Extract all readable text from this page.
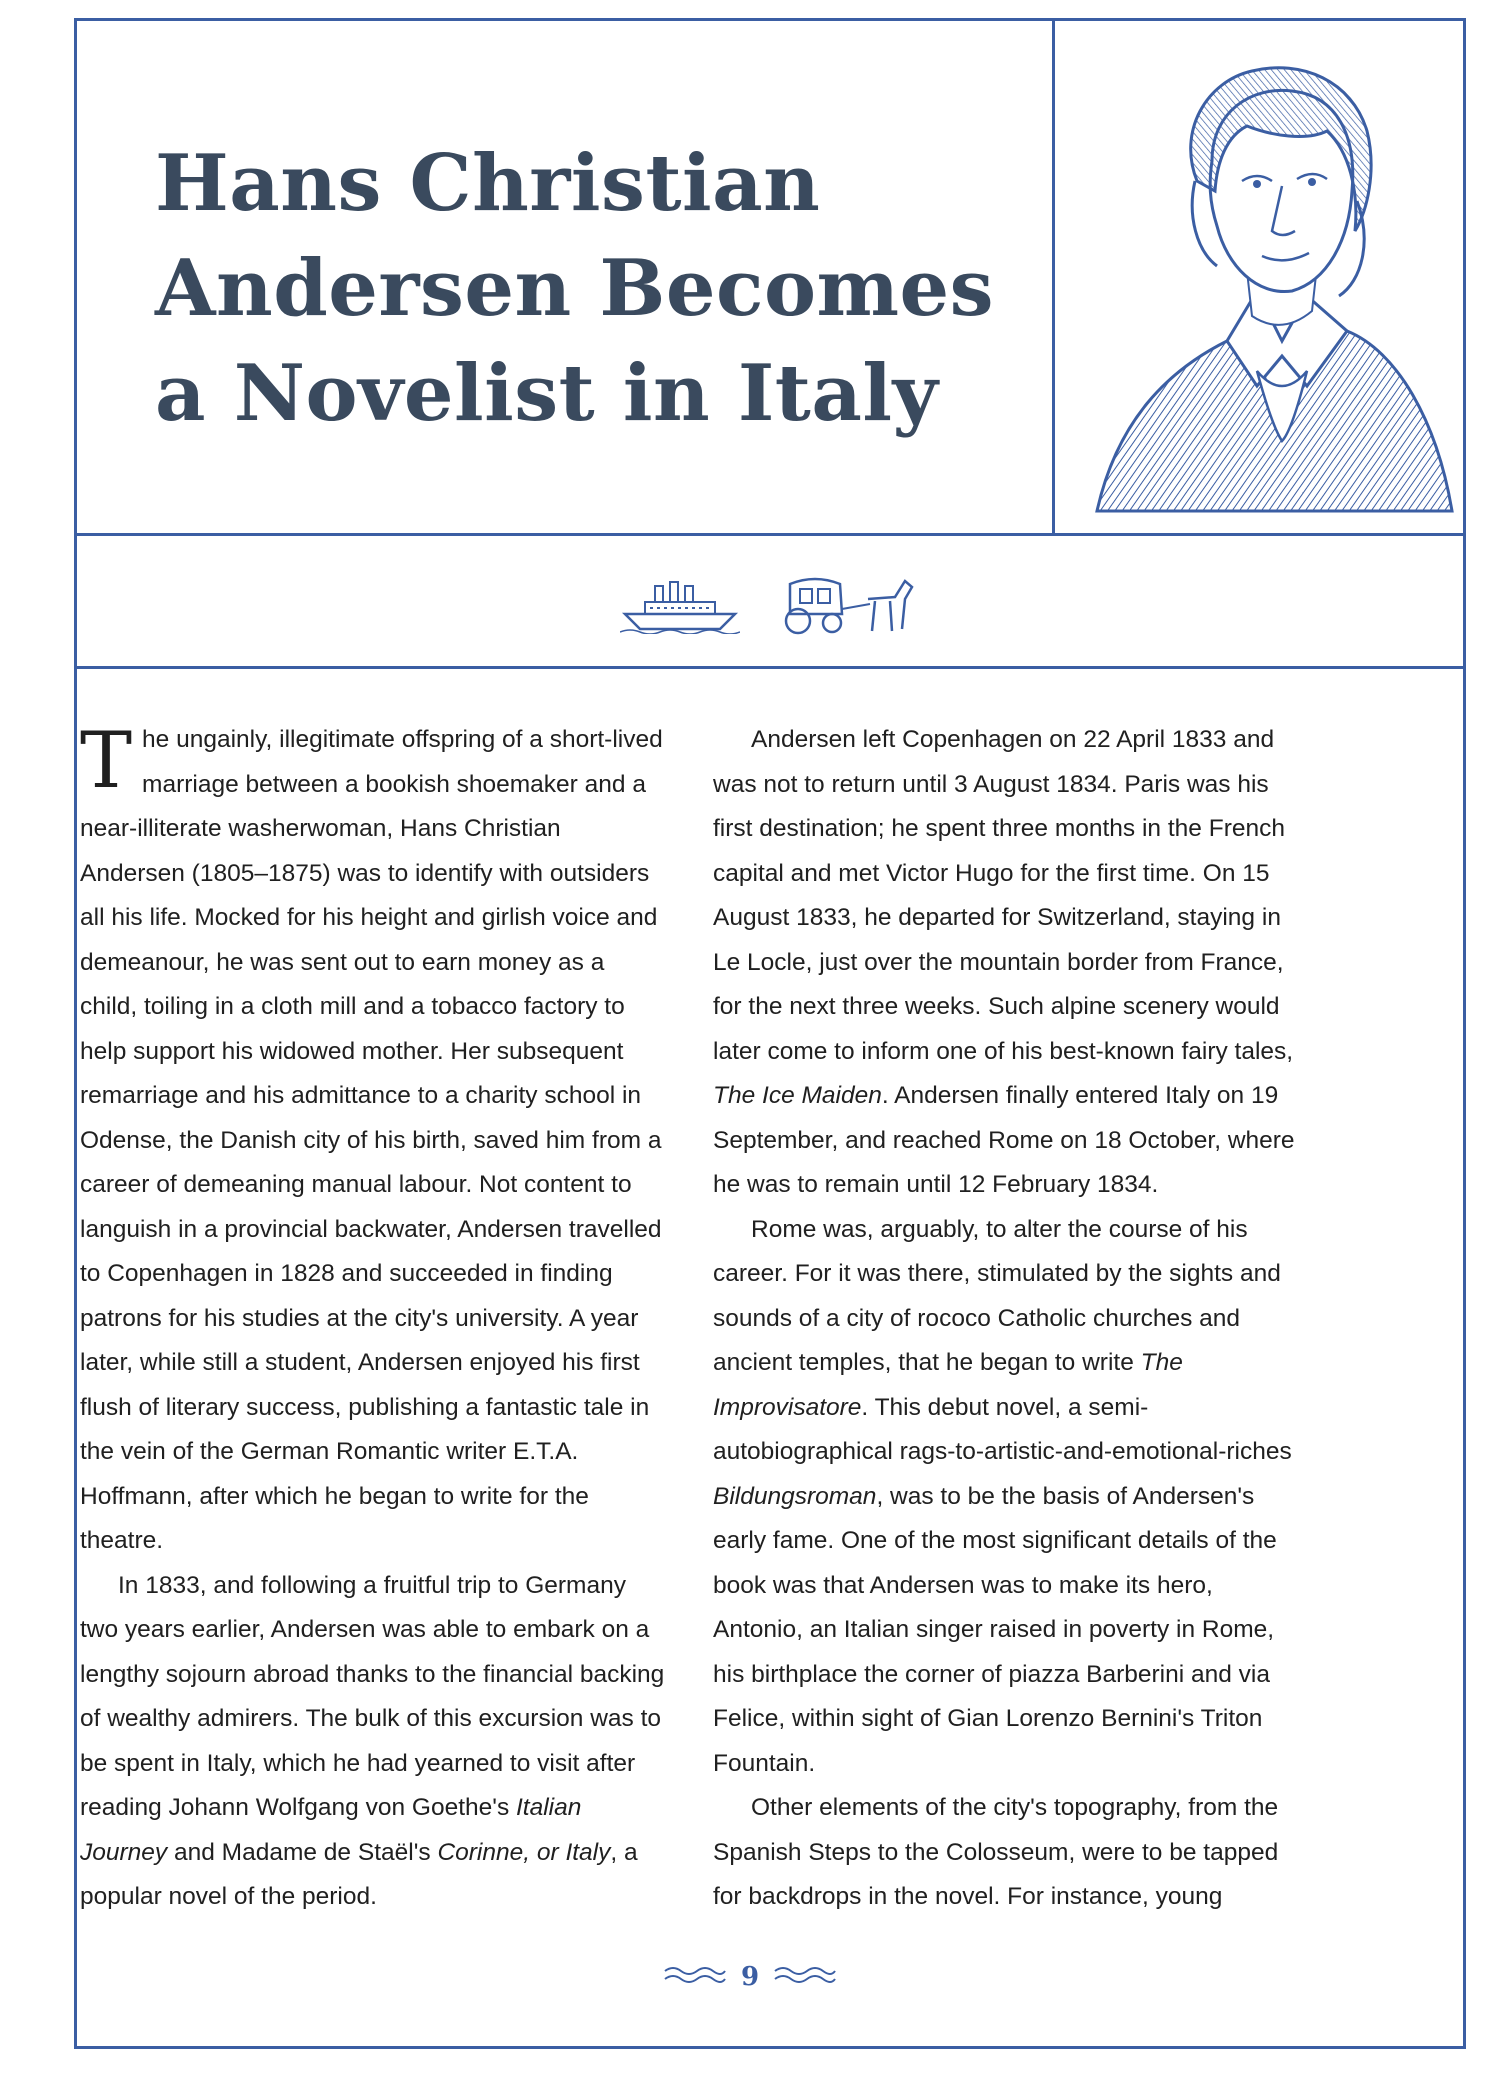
Hans Christian
Andersen Becomes
a Novelist in Italy

The ungainly, illegitimate offspring of a short-lived marriage between a bookish shoemaker and a near-illiterate washerwoman, Hans Christian Andersen (1805–1875) was to identify with outsiders all his life. Mocked for his height and girlish voice and demeanour, he was sent out to earn money as a child, toiling in a cloth mill and a tobacco factory to help support his widowed mother. Her subsequent remarriage and his admittance to a charity school in Odense, the Danish city of his birth, saved him from a career of demeaning manual labour. Not content to languish in a provincial backwater, Andersen travelled to Copenhagen in 1828 and succeeded in finding patrons for his studies at the city's university. A year later, while still a student, Andersen enjoyed his first flush of literary success, publishing a fantastic tale in the vein of the German Romantic writer E.T.A. Hoffmann, after which he began to write for the theatre.

In 1833, and following a fruitful trip to Germany two years earlier, Andersen was able to embark on a lengthy sojourn abroad thanks to the financial backing of wealthy admirers. The bulk of this excursion was to be spent in Italy, which he had yearned to visit after reading Johann Wolfgang von Goethe's Italian Journey and Madame de Staël's Corinne, or Italy, a popular novel of the period.

Andersen left Copenhagen on 22 April 1833 and was not to return until 3 August 1834. Paris was his first destination; he spent three months in the French capital and met Victor Hugo for the first time. On 15 August 1833, he departed for Switzerland, staying in Le Locle, just over the mountain border from France, for the next three weeks. Such alpine scenery would later come to inform one of his best-known fairy tales, The Ice Maiden. Andersen finally entered Italy on 19 September, and reached Rome on 18 October, where he was to remain until 12 February 1834.

Rome was, arguably, to alter the course of his career. For it was there, stimulated by the sights and sounds of a city of rococo Catholic churches and ancient temples, that he began to write The Improvisatore. This debut novel, a semi-autobiographical rags-to-artistic-and-emotional-riches Bildungsroman, was to be the basis of Andersen's early fame. One of the most significant details of the book was that Andersen was to make its hero, Antonio, an Italian singer raised in poverty in Rome, his birthplace the corner of piazza Barberini and via Felice, within sight of Gian Lorenzo Bernini's Triton Fountain.

Other elements of the city's topography, from the Spanish Steps to the Colosseum, were to be tapped for backdrops in the novel. For instance, young

9
